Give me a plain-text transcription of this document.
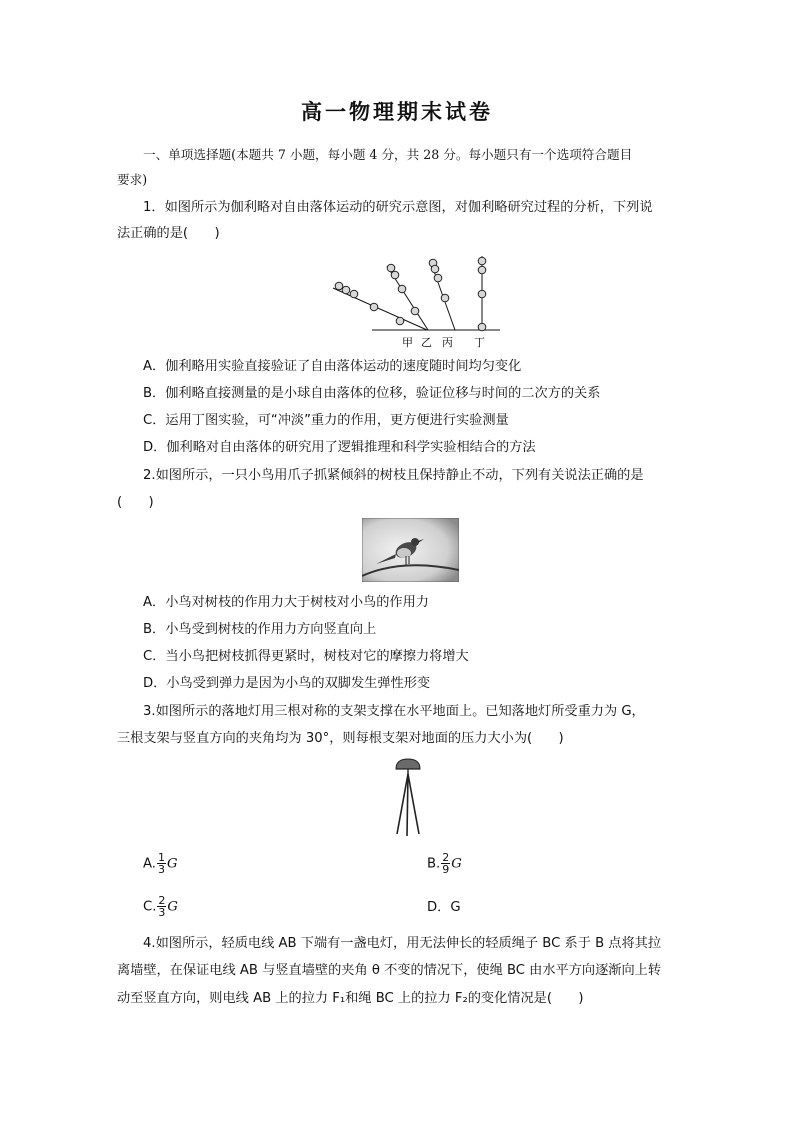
高一物理期末试卷
一、单项选择题(本题共 7 小题，每小题 4 分，共 28 分。每小题只有一个选项符合题目
要求)
1．如图所示为伽利略对自由落体运动的研究示意图，对伽利略研究过程的分析，下列说
法正确的是(　　)
甲 乙 丙 丁
A．伽利略用实验直接验证了自由落体运动的速度随时间均匀变化
B．伽利略直接测量的是小球自由落体的位移，验证位移与时间的二次方的关系
C．运用丁图实验，可“冲淡”重力的作用，更方便进行实验测量
D．伽利略对自由落体的研究用了逻辑推理和科学实验相结合的方法
2.如图所示，一只小鸟用爪子抓紧倾斜的树枝且保持静止不动，下列有关说法正确的是
(　　)
A．小鸟对树枝的作用力大于树枝对小鸟的作用力
B．小鸟受到树枝的作用力方向竖直向上
C．当小鸟把树枝抓得更紧时，树枝对它的摩擦力将增大
D．小鸟受到弹力是因为小鸟的双脚发生弹性形变
3.如图所示的落地灯用三根对称的支架支撑在水平地面上。已知落地灯所受重力为 G，
三根支架与竖直方向的夹角均为 30°，则每根支架对地面的压力大小为(　　)
A. $\frac{1}{3}$ G	B. $\frac{2}{9}$ G
C. $\frac{2}{3}$ G	D．G
4.如图所示，轻质电线 AB 下端有一盏电灯，用无法伸长的轻质绳子 BC 系于 B 点将其拉
离墙壁，在保证电线 AB 与竖直墙壁的夹角 θ 不变的情况下，使绳 BC 由水平方向逐渐向上转
动至竖直方向，则电线 AB 上的拉力 F₁和绳 BC 上的拉力 F₂的变化情况是(　　)
